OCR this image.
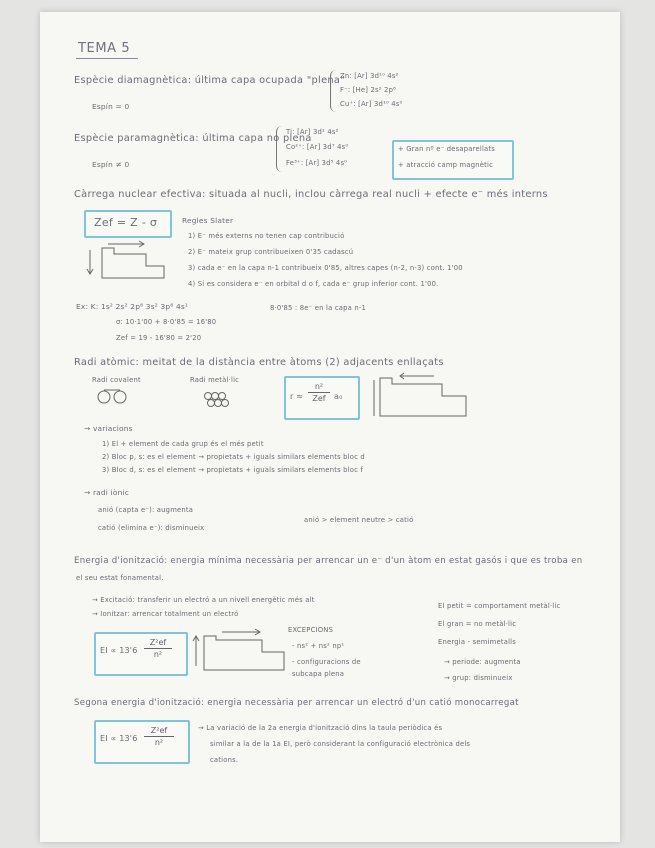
TEMA 5
Espècie diamagnètica: última capa ocupada "plena"
Zn: [Ar] 3d¹⁰ 4s²
F⁻: [He] 2s² 2p⁶
Cu⁺: [Ar] 3d¹⁰ 4s⁰
Espín = 0
Espècie paramagnètica: última capa no plena
Ti: [Ar] 3d² 4s²
Co²⁺: [Ar] 3d⁷ 4s⁰
Fe³⁺: [Ar] 3d⁵ 4s⁰
+ Gran nº e⁻ desaparellats
+ atracció camp magnètic
Espín ≠ 0
Càrrega nuclear efectiva: situada al nucli, inclou càrrega real nucli + efecte e⁻ més interns
Zef = Z - σ	Regles Slater
1) E⁻ més externs no tenen cap contribució
2) E⁻ mateix grup contribueixen 0'35 cadascú
3) cada e⁻ en la capa n-1 contribueix 0'85, altres capes (n-2, n-3) cont. 1'00
4) Si es considera e⁻ en orbital d o f, cada e⁻ grup inferior cont. 1'00.
Ex: K: 1s² 2s² 2p⁶ 3s² 3p⁶ 4s¹	8·0'85 : 8e⁻ en la capa n-1
σ: 10·1'00 + 8·0'85 = 16'80
Zef = 19 - 16'80 = 2'20
Radi atòmic: meitat de la distància entre àtoms (2) adjacents enllaçats
Radi covalent	Radi metàl·lic
r ≈
n²
Zef	a₀
→ variacions
1) El + element de cada grup és el més petit
2) Bloc p, s: es el element → propietats + iguals similars elements bloc d
3) Bloc d, s: es el element → propietats + iguals similars elements bloc f
→ radi iònic
anió (capta e⁻): augmenta
catió (elimina e⁻): disminueix
anió > element neutre > catió
Energia d'ionització: energia mínima necessària per arrencar un e⁻ d'un àtom en estat gasós i que es troba en
el seu estat fonamental.
→ Excitació: transferir un electró a un nivell energètic més alt
→ Ionitzar: arrencar totalment un electró
EI ∝ 13'6
Z²ef
n²
EXCEPCIONS
- ns² + ns² np¹
- configuracions de
subcapa plena
El petit = comportament metàl·lic
El gran = no metàl·lic
Energia - semimetalls
→ periode: augmenta
→ grup: disminueix
Segona energia d'ionització: energia necessària per arrencar un electró d'un catió monocarregat
EI ∝ 13'6
Z²ef
n²
→ La variació de la 2a energia d'ionització dins la taula periòdica és
similar a la de la 1a EI, però considerant la configuració electrònica dels
cations.
